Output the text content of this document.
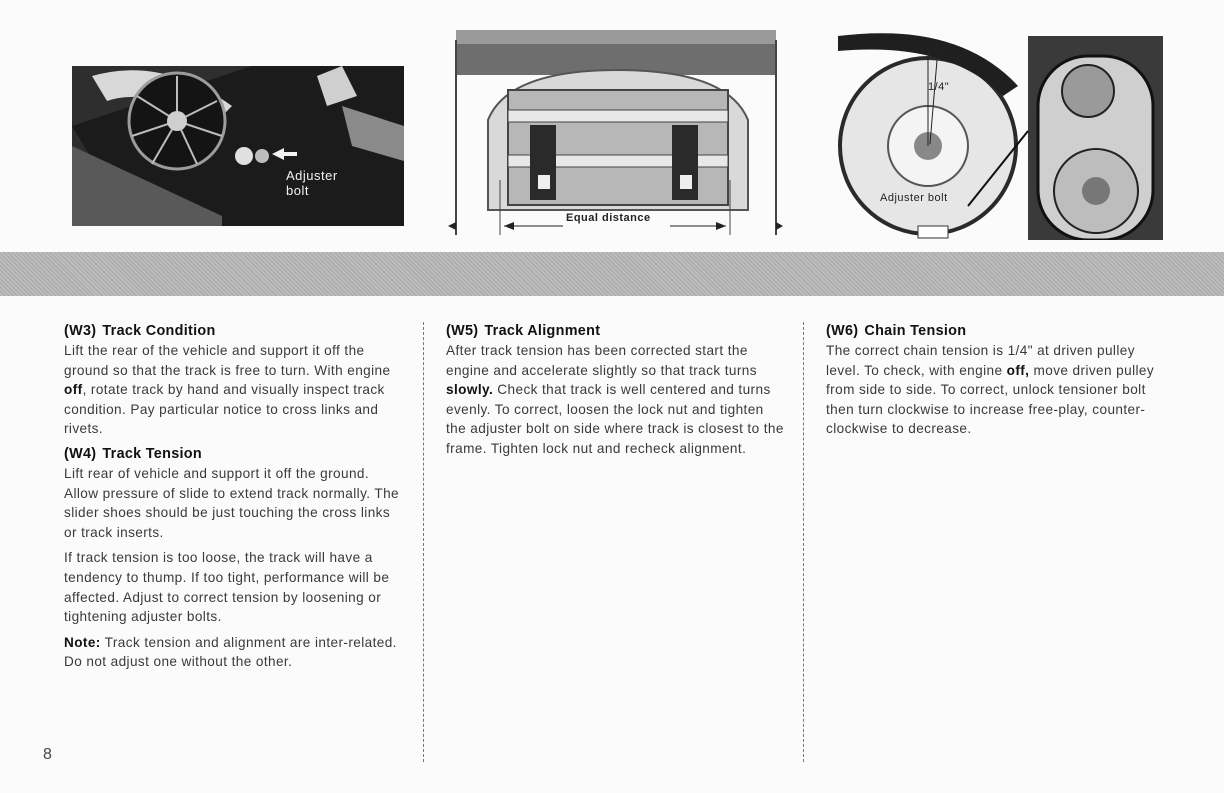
Adjuster bolt
Equal distance
1/4"
Adjuster bolt
(W3) Track Condition

Lift the rear of the vehicle and support it off the ground so that the track is free to turn. With engine off, rotate track by hand and visually inspect track condition. Pay particular notice to cross links and rivets.

(W4) Track Tension

Lift rear of vehicle and support it off the ground. Allow pressure of slide to extend track normally. The slider shoes should be just touching the cross links or track inserts.

If track tension is too loose, the track will have a tendency to thump. If too tight, performance will be affected. Adjust to correct tension by loosening or tightening adjuster bolts.

Note: Track tension and alignment are inter-related. Do not adjust one without the other.

(W5) Track Alignment

After track tension has been corrected start the engine and accelerate slightly so that track turns slowly. Check that track is well centered and turns evenly. To correct, loosen the lock nut and tighten the adjuster bolt on side where track is closest to the frame. Tighten lock nut and recheck alignment.

(W6) Chain Tension

The correct chain tension is 1/4" at driven pulley level. To check, with engine off, move driven pulley from side to side. To correct, unlock tensioner bolt then turn clockwise to increase free-play, counter-clockwise to decrease.

8
